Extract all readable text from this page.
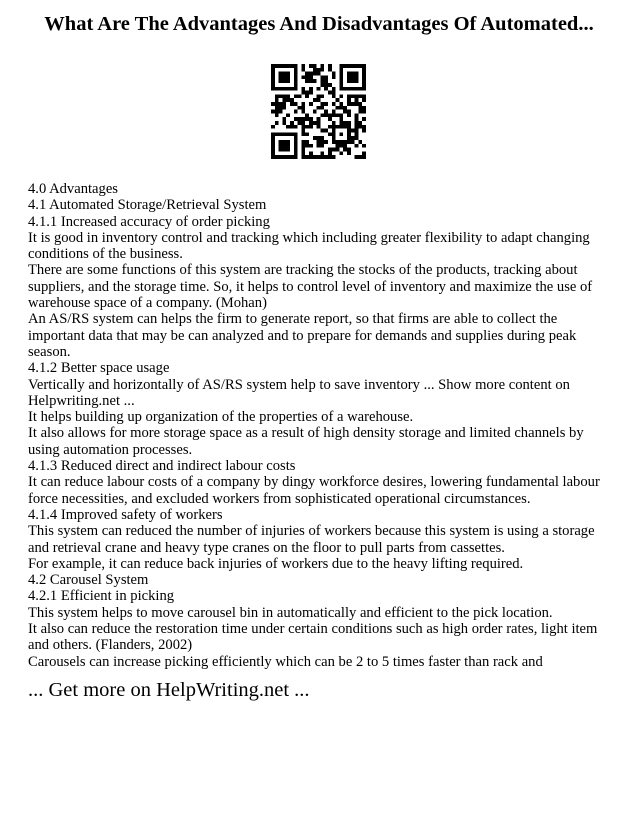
What Are The Advantages And Disadvantages Of Automated...

4.0 Advantages

4.1 Automated Storage/Retrieval System

4.1.1 Increased accuracy of order picking

It is good in inventory control and tracking which including greater flexibility to adapt changing conditions of the business.

There are some functions of this system are tracking the stocks of the products, tracking about suppliers, and the storage time. So, it helps to control level of inventory and maximize the use of warehouse space of a company. (Mohan)

An AS/RS system can helps the firm to generate report, so that firms are able to collect the important data that may be can analyzed and to prepare for demands and supplies during peak season.

4.1.2 Better space usage

Vertically and horizontally of AS/RS system help to save inventory ... Show more content on Helpwriting.net ...

It helps building up organization of the properties of a warehouse.

It also allows for more storage space as a result of high density storage and limited channels by using automation processes.

4.1.3 Reduced direct and indirect labour costs

It can reduce labour costs of a company by dingy workforce desires, lowering fundamental labour force necessities, and excluded workers from sophisticated operational circumstances.

4.1.4 Improved safety of workers

This system can reduced the number of injuries of workers because this system is using a storage and retrieval crane and heavy type cranes on the floor to pull parts from cassettes.

For example, it can reduce back injuries of workers due to the heavy lifting required.

4.2 Carousel System

4.2.1 Efficient in picking

This system helps to move carousel bin in automatically and efficient to the pick location.

It also can reduce the restoration time under certain conditions such as high order rates, light item and others. (Flanders, 2002)

Carousels can increase picking efficiently which can be 2 to 5 times faster than rack and

... Get more on HelpWriting.net ...
